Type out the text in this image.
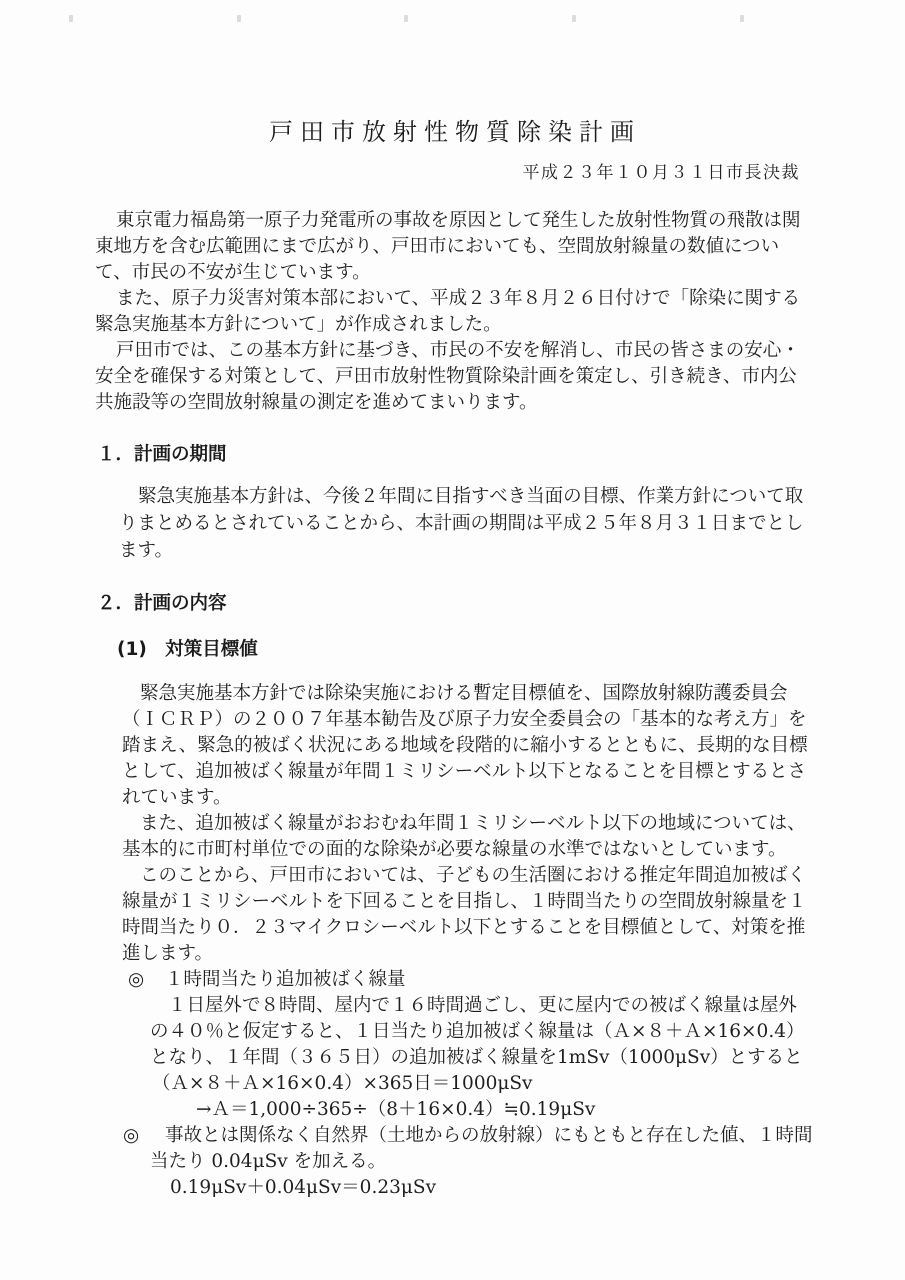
戸田市放射性物質除染計画
平成２３年１０月３１日市長決裁

東京電力福島第一原子力発電所の事故を原因として発生した放射性物質の飛散は関東地方を含む広範囲にまで広がり、戸田市においても、空間放射線量の数値について、市民の不安が生じています。

また、原子力災害対策本部において、平成２３年８月２６日付けで「除染に関する緊急実施基本方針について」が作成されました。

戸田市では、この基本方針に基づき、市民の不安を解消し、市民の皆さまの安心・安全を確保する対策として、戸田市放射性物質除染計画を策定し、引き続き、市内公共施設等の空間放射線量の測定を進めてまいります。

１．計画の期間

緊急実施基本方針は、今後２年間に目指すべき当面の目標、作業方針について取りまとめるとされていることから、本計画の期間は平成２５年８月３１日までとします。

２．計画の内容
(1)　対策目標値

緊急実施基本方針では除染実施における暫定目標値を、国際放射線防護委員会（ＩＣＲＰ）の２００７年基本勧告及び原子力安全委員会の「基本的な考え方」を踏まえ、緊急的被ばく状況にある地域を段階的に縮小するとともに、長期的な目標として、追加被ばく線量が年間１ミリシーベルト以下となることを目標とするとされています。

また、追加被ばく線量がおおむね年間１ミリシーベルト以下の地域については、基本的に市町村単位での面的な除染が必要な線量の水準ではないとしています。

このことから、戸田市においては、子どもの生活圏における推定年間追加被ばく線量が１ミリシーベルトを下回ることを目指し、１時間当たりの空間放射線量を１時間当たり０．２３マイクロシーベルト以下とすることを目標値として、対策を推進します。

◎ １時間当たり追加被ばく線量

１日屋外で８時間、屋内で１６時間過ごし、更に屋内での被ばく線量は屋外の４０％と仮定すると、１日当たり追加被ばく線量は（Ａ×８＋Ａ×16×0.4）となり、１年間（３６５日）の追加被ばく線量を1mSv（1000μSv）とすると

（Ａ×８＋Ａ×16×0.4）×365日＝1000μSv

→Ａ＝1,000÷365÷（8＋16×0.4）≒0.19μSv

◎ 事故とは関係なく自然界（土地からの放射線）にもともと存在した値、１時間当たり 0.04μSv を加える。

0.19μSv＋0.04μSv＝0.23μSv
